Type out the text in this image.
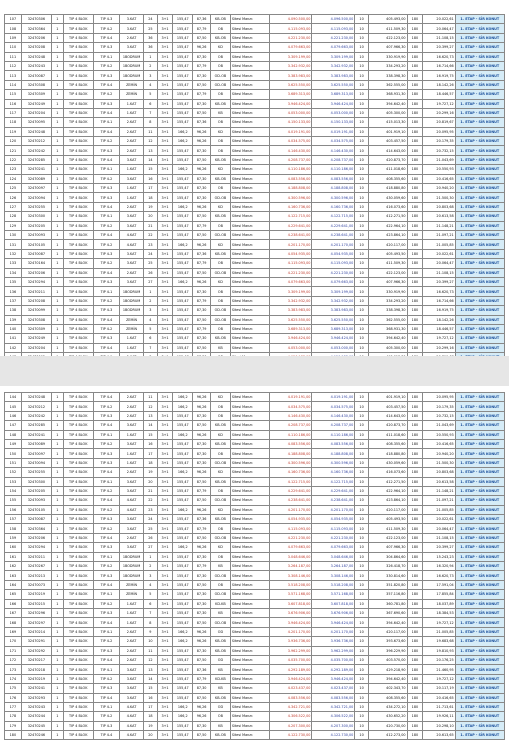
107	32470306	1	TIP 4 BLOK	TIP 4-3	3.KAT	24	3+1	155,47	87,36	KB-OB	Sitesi Manzr.	4.090.500,00	4.096.500,00	10	405.493,00	180	20.022,61	1. ETAP - SİR KONUT
108	32470364	1	TIP 4 BLOK	TIP 4-2	3.KAT	25	3+1	155,47	87,79	OB	Sitesi Manzr.	4.115.093,00	4.115.093,00	10	411.509,30	180	20.064,47	1. ETAP - SİR KONUT
109	32470206	1	TIP 4 BLOK	TIP 4-4	2.KAT	36	3+1	155,47	87,50	KB-OB	Sitesi Manzr.	4.221.230,00	4.221.230,00	10	422.123,00	180	21.108,15	1. ETAP - SİR KONUT
110	32470208	1	TIP 4 BLOK	TIP 4-3	3.KAT	36	3+1	155,47	96,26	KD	Sitesi Manzr.	4.079.663,00	4.079.663,00	10	407.966,30	180	20.399,27	1. ETAP - SİR KONUT
111	32470248	1	TIP 4 BLOK	TIP 4-1	1BODRUM	1	3+1	155,47	87,30	OB	Sitesi Manzr.	3.309.199,00	3.309.199,00	10	330.919,90	180	16.620,73	1. ETAP - SİR KONUT
112	32470243	1	TIP 4 BLOK	TIP 4-2	1BODRUM	2	3+1	155,47	87,79	OB	Sitesi Manzr.	3.342.932,00	3.342.932,00	10	334.293,20	180	16.714,66	1. ETAP - SİR KONUT
113	32470087	1	TIP 4 BLOK	TIP 4-3	1BODRUM	3	3+1	155,47	87,30	OD-OB	Sitesi Manzr.	3.383.983,00	3.383.983,00	10	338.398,30	180	16.919,75	1. ETAP - SİR KONUT
114	32470308	1	TIP 4 BLOK	TIP 4-4	ZEMİN	4	3+1	155,47	87,50	OD-OB	Sitesi Manzr.	3.625.550,00	3.625.550,00	10	362.555,00	180	18.142,26	1. ETAP - SİR KONUT
115	32470309	1	TIP 4 BLOK	TIP 4-2	ZEMİN	5	3+1	155,47	87,79	OB	Sitesi Manzr.	3.689.313,00	3.689.313,00	10	368.931,30	180	18.446,57	1. ETAP - SİR KONUT
116	32470249	1	TIP 4 BLOK	TIP 4-3	1.KAT	6	3+1	155,47	87,30	KB-OB	Sitesi Manzr.	3.946.424,00	3.946.424,00	10	394.642,40	180	19.727,12	1. ETAP - SİR KONUT
117	32470204	1	TIP 4 BLOK	TIP 4-4	1.KAT	7	3+1	155,47	87,50	KB	Sitesi Manzr.	4.053.000,00	4.053.000,00	10	405.300,00	180	20.299,16	1. ETAP - SİR KONUT
118	32470095	1	TIP 4 BLOK	TIP 4-1	2.KAT	8	3+1	155,47	87,36	OB	Sitesi Manzr.	4.150.133,00	4.150.133,00	10	415.013,30	180	20.819,67	1. ETAP - SİR KONUT
119	32470248	1	TIP 4 BLOK	TIP 4-4	2.KAT	11	3+1	166,2	96,26	KD	Sitesi Manzr.	4.019.191,00	4.019.191,00	10	401.919,10	180	20.095,95	1. ETAP - SİR KONUT
120	32470212	1	TIP 4 BLOK	TIP 4-2	2.KAT	12	3+1	166,2	96,26	OB	Sitesi Manzr.	4.034.575,00	4.034.575,00	10	403.457,50	180	20.179,35	1. ETAP - SİR KONUT
121	32470242	1	TIP 4 BLOK	TIP 4-3	2.KAT	13	3+1	155,47	87,30	OB	Sitesi Manzr.	4.146.430,00	4.146.430,00	10	414.643,00	180	20.732,15	1. ETAP - SİR KONUT
122	32470285	1	TIP 4 BLOK	TIP 4-4	3.KAT	14	3+1	155,47	87,50	KB-OB	Sitesi Manzr.	4.208.737,00	4.208.737,00	10	420.873,70	180	21.043,69	1. ETAP - SİR KONUT
123	32470241	1	TIP 4 BLOK	TIP 4-1	1.KAT	15	3+1	166,2	96,26	KD	Sitesi Manzr.	4.110.186,00	4.110.186,00	10	411.018,60	180	20.550,93	1. ETAP - SİR KONUT
124	32470089	1	TIP 4 BLOK	TIP 4-2	3.KAT	16	3+1	155,47	87,30	KB-OB	Sitesi Manzr.	4.083.556,00	4.083.556,00	10	408.355,60	180	20.416,65	1. ETAP - SİR KONUT
125	32470097	1	TIP 4 BLOK	TIP 4-3	1.KAT	17	3+1	155,47	87,30	OB	Sitesi Manzr.	4.188.808,00	4.188.808,00	10	418.880,80	180	20.940,20	1. ETAP - SİR KONUT
126	32470094	1	TIP 4 BLOK	TIP 4-3	1.KAT	18	3+1	155,47	87,30	OD-OB	Sitesi Manzr.	4.300.596,00	4.300.596,00	10	430.059,60	180	21.500,30	1. ETAP - SİR KONUT
127	32470255	1	TIP 4 BLOK	TIP 4-4	2.KAT	19	3+1	166,2	96,26	KD	Sitesi Manzr.	4.160.736,00	4.160.736,00	10	416.073,60	180	20.803,68	1. ETAP - SİR KONUT
128	32470300	1	TIP 4 BLOK	TIP 4-1	3.KAT	20	3+1	155,47	87,50	KB-OB	Sitesi Manzr.	4.122.715,00	4.122.715,00	10	412.271,50	180	20.613,58	1. ETAP - SİR KONUT
129	32470205	1	TIP 4 BLOK	TIP 4-2	3.KAT	21	3+1	155,47	87,79	OB	Sitesi Manzr.	4.229.641,00	4.229.641,00	10	422.964,10	180	21.148,21	1. ETAP - SİR KONUT
130	32470093	1	TIP 4 BLOK	TIP 4-4	4.KAT	22	3+1	155,47	87,50	OD-OB	Sitesi Manzr.	4.238.641,00	4.238.641,00	10	423.864,10	180	21.097,21	1. ETAP - SİR KONUT
131	32470105	1	TIP 4 BLOK	TIP 4-2	4.KAT	23	3+1	166,2	96,26	KD	Sitesi Manzr.	4.201.170,00	4.201.170,00	10	420.117,00	180	21.005,85	1. ETAP - SİR KONUT
132	32470087	1	TIP 4 BLOK	TIP 4-3	3.KAT	24	3+1	155,47	87,36	KB-OB	Sitesi Manzr.	4.054.935,00	4.054.935,00	10	405.493,50	180	20.022,61	1. ETAP - SİR KONUT
133	32470164	1	TIP 4 BLOK	TIP 4-2	3.KAT	25	3+1	155,47	87,79	OB	Sitesi Manzr.	4.115.093,00	4.115.093,00	10	411.509,30	180	20.064,47	1. ETAP - SİR KONUT
134	32470206	1	TIP 4 BLOK	TIP 4-4	2.KAT	26	3+1	155,47	87,50	OD-OB	Sitesi Manzr.	4.221.230,00	4.221.230,00	10	422.123,00	180	21.108,15	1. ETAP - SİR KONUT
135	32470294	1	TIP 4 BLOK	TIP 4-3	3.KAT	27	3+1	166,2	96,26	KD	Sitesi Manzr.	4.079.663,00	4.079.663,00	10	407.966,30	180	20.399,27	1. ETAP - SİR KONUT
136	32470211	1	TIP 4 BLOK	TIP 4-1	1BODRUM	1	3+1	155,47	87,30	OB	Sitesi Manzr.	3.309.199,00	3.309.199,00	10	330.919,90	180	16.620,73	1. ETAP - SİR KONUT
137	32470208	1	TIP 4 BLOK	TIP 4-2	1BODRUM	2	3+1	155,47	87,79	OB	Sitesi Manzr.	3.342.932,00	3.342.932,00	10	334.293,20	180	16.714,66	1. ETAP - SİR KONUT
138	32470099	1	TIP 4 BLOK	TIP 4-3	1BODRUM	3	3+1	155,47	87,30	OD-OB	Sitesi Manzr.	3.383.983,00	3.383.983,00	10	338.398,30	180	16.919,75	1. ETAP - SİR KONUT
139	32470308	1	TIP 4 BLOK	TIP 4-4	ZEMİN	4	3+1	155,47	87,50	OD-OB	Sitesi Manzr.	3.625.550,00	3.625.550,00	10	362.555,00	180	18.142,26	1. ETAP - SİR KONUT
140	32470309	1	TIP 4 BLOK	TIP 4-2	ZEMİN	5	3+1	155,47	87,79	OB	Sitesi Manzr.	3.689.313,00	3.689.313,00	10	368.931,30	180	18.446,57	1. ETAP - SİR KONUT
141	32470249	1	TIP 4 BLOK	TIP 4-3	1.KAT	6	3+1	155,47	87,30	KB-OB	Sitesi Manzr.	3.946.424,00	3.946.424,00	10	394.642,40	180	19.727,12	1. ETAP - SİR KONUT
142	32470204	1	TIP 4 BLOK	TIP 4-4	1.KAT	7	3+1	155,47	87,50	KB	Sitesi Manzr.	4.053.000,00	4.053.000,00	10	405.300,00	180	20.299,16	1. ETAP - SİR KONUT

144	32470248	1	TIP 4 BLOK	TIP 4-4	2.KAT	11	3+1	166,2	96,26	KD	Sitesi Manzr.	4.019.191,00	4.019.191,00	10	401.919,10	180	20.095,95	1. ETAP - SİR KONUT
145	32470212	1	TIP 4 BLOK	TIP 4-2	2.KAT	12	3+1	166,2	96,26	OB	Sitesi Manzr.	4.034.575,00	4.034.575,00	10	403.457,50	180	20.179,35	1. ETAP - SİR KONUT
146	32470242	1	TIP 4 BLOK	TIP 4-3	2.KAT	13	3+1	155,47	87,30	OB	Sitesi Manzr.	4.146.430,00	4.146.430,00	10	414.643,00	180	20.732,15	1. ETAP - SİR KONUT
147	32470285	1	TIP 4 BLOK	TIP 4-4	3.KAT	14	3+1	155,47	87,50	KB-OB	Sitesi Manzr.	4.208.737,00	4.208.737,00	10	420.873,70	180	21.043,69	1. ETAP - SİR KONUT
148	32470241	1	TIP 4 BLOK	TIP 4-1	1.KAT	15	3+1	166,2	96,26	KD	Sitesi Manzr.	4.110.186,00	4.110.186,00	10	411.018,60	180	20.550,93	1. ETAP - SİR KONUT
149	32470089	1	TIP 4 BLOK	TIP 4-2	3.KAT	16	3+1	155,47	87,30	KB-OB	Sitesi Manzr.	4.083.556,00	4.083.556,00	10	408.355,60	180	20.416,65	1. ETAP - SİR KONUT
150	32470097	1	TIP 4 BLOK	TIP 4-3	1.KAT	17	3+1	155,47	87,30	OB	Sitesi Manzr.	4.188.808,00	4.188.808,00	10	418.880,80	180	20.940,20	1. ETAP - SİR KONUT
151	32470094	1	TIP 4 BLOK	TIP 4-3	1.KAT	18	3+1	155,47	87,30	OD-OB	Sitesi Manzr.	4.300.596,00	4.300.596,00	10	430.059,60	180	21.500,30	1. ETAP - SİR KONUT
152	32470255	1	TIP 4 BLOK	TIP 4-4	2.KAT	19	3+1	166,2	96,26	KD	Sitesi Manzr.	4.160.736,00	4.160.736,00	10	416.073,60	180	20.803,68	1. ETAP - SİR KONUT
153	32470300	1	TIP 4 BLOK	TIP 4-1	3.KAT	20	3+1	155,47	87,50	KB-OB	Sitesi Manzr.	4.122.715,00	4.122.715,00	10	412.271,50	180	20.613,58	1. ETAP - SİR KONUT
154	32470205	1	TIP 4 BLOK	TIP 4-2	3.KAT	21	3+1	155,47	87,79	OB	Sitesi Manzr.	4.229.641,00	4.229.641,00	10	422.964,10	180	21.148,21	1. ETAP - SİR KONUT
155	32470093	1	TIP 4 BLOK	TIP 4-4	4.KAT	22	3+1	155,47	87,50	OD-OB	Sitesi Manzr.	4.238.641,00	4.238.641,00	10	423.864,10	180	21.097,21	1. ETAP - SİR KONUT
156	32470105	1	TIP 4 BLOK	TIP 4-2	4.KAT	23	3+1	166,2	96,26	KD	Sitesi Manzr.	4.201.170,00	4.201.170,00	10	420.117,00	180	21.005,85	1. ETAP - SİR KONUT
157	32470087	1	TIP 4 BLOK	TIP 4-3	3.KAT	24	3+1	155,47	87,36	KB-OB	Sitesi Manzr.	4.054.935,00	4.054.935,00	10	405.493,50	180	20.022,61	1. ETAP - SİR KONUT
158	32470364	1	TIP 4 BLOK	TIP 4-2	3.KAT	25	3+1	155,47	87,79	OB	Sitesi Manzr.	4.115.093,00	4.115.093,00	10	411.509,30	180	20.064,47	1. ETAP - SİR KONUT
159	32470206	1	TIP 4 BLOK	TIP 4-4	2.KAT	26	3+1	155,47	87,50	OD-OB	Sitesi Manzr.	4.221.230,00	4.221.230,00	10	422.123,00	180	21.108,15	1. ETAP - SİR KONUT
160	32470294	1	TIP 4 BLOK	TIP 4-3	3.KAT	27	3+1	166,2	96,26	KD	Sitesi Manzr.	4.079.663,00	4.079.663,00	10	407.966,30	180	20.399,27	1. ETAP - SİR KONUT
161	32470211	1	TIP 4 BLOK	TIP 4-1	1BODRUM	1	3+1	155,47	87,30	OB	Sitesi Manzr.	3.048.646,00	3.048.646,00	10	304.864,60	180	15.243,23	1. ETAP - SİR KONUT
162	32470267	1	TIP 4 BLOK	TIP 4-2	1BODRUM	2	3+1	155,47	87,79	KB	Sitesi Manzr.	3.264.187,00	3.264.187,00	10	326.418,70	180	16.320,94	1. ETAP - SİR KONUT
163	32470213	1	TIP 4 BLOK	TIP 4-3	1BODRUM	3	3+1	155,47	87,30	OD-OB	Sitesi Manzr.	3.308.146,00	3.308.146,00	10	330.814,60	180	16.620,73	1. ETAP - SİR KONUT
164	32470073	1	TIP 4 BLOK	TIP 4-4	ZEMİN	4	3+1	155,47	87,50	OB	Sitesi Manzr.	3.518.208,00	3.518.208,00	10	351.820,80	180	17.591,04	1. ETAP - SİR KONUT
165	32470219	1	TIP 4 BLOK	TIP 4-1	ZEMİN	5	3+1	155,47	87,30	OD-OB	Sitesi Manzr.	3.571.168,00	3.571.168,00	10	357.116,80	180	17.855,84	1. ETAP - SİR KONUT
166	32470215	1	TIP 4 BLOK	TIP 4-2	1.KAT	6	3+1	155,47	87,30	KD-KB	Sitesi Manzr.	3.607.818,00	3.607.818,00	10	360.781,80	180	18.037,89	1. ETAP - SİR KONUT
167	32470296	1	TIP 4 BLOK	TIP 4-3	1.KAT	7	3+1	155,47	87,30	KB	Sitesi Manzr.	3.676.906,00	3.676.906,00	10	367.690,60	180	18.384,53	1. ETAP - SİR KONUT
168	32470297	1	TIP 4 BLOK	TIP 4-4	1.KAT	8	3+1	155,47	87,50	OD-OB	Sitesi Manzr.	3.946.424,00	3.946.424,00	10	394.642,40	180	19.727,12	1. ETAP - SİR KONUT
169	32470214	1	TIP 4 BLOK	TIP 4-1	2.KAT	9	3+1	166,2	96,26	OD	Sitesi Manzr.	4.201.170,00	4.201.170,00	10	420.117,00	180	21.005,85	1. ETAP - SİR KONUT
170	32470291	1	TIP 4 BLOK	TIP 4-2	2.KAT	10	3+1	166,2	96,26	KB-OB	Sitesi Manzr.	3.936.736,00	3.936.736,00	10	393.673,60	180	19.683,68	1. ETAP - SİR KONUT
171	32470292	1	TIP 4 BLOK	TIP 4-3	2.KAT	11	3+1	155,47	87,30	KB-OB	Sitesi Manzr.	3.962.299,00	3.962.299,00	10	396.229,90	180	19.810,93	1. ETAP - SİR KONUT
172	32470217	1	TIP 4 BLOK	TIP 4-4	2.KAT	12	3+1	155,47	87,50	OD	Sitesi Manzr.	4.035.700,00	4.035.700,00	10	403.570,00	180	20.176,25	1. ETAP - SİR KONUT
173	32470218	1	TIP 4 BLOK	TIP 4-1	3.KAT	13	3+1	155,47	87,36	KB	Sitesi Manzr.	4.292.189,00	4.292.189,00	10	429.218,90	180	21.460,95	1. ETAP - SİR KONUT
174	32470219	1	TIP 4 BLOK	TIP 4-2	3.KAT	14	3+1	155,47	87,79	KD-KB	Sitesi Manzr.	3.946.424,00	3.946.424,00	10	394.642,40	180	19.727,12	1. ETAP - SİR KONUT
175	32470241	1	TIP 4 BLOK	TIP 4-3	3.KAT	15	3+1	155,47	87,30	KB	Sitesi Manzr.	4.023.437,00	4.023.437,00	10	402.343,70	180	20.117,19	1. ETAP - SİR KONUT
176	32470293	1	TIP 4 BLOK	TIP 4-4	3.KAT	16	3+1	155,47	87,50	KB-OB	Sitesi Manzr.	4.083.556,00	4.083.556,00	10	408.355,60	180	20.416,65	1. ETAP - SİR KONUT
177	32470243	1	TIP 4 BLOK	TIP 4-1	4.KAT	17	3+1	166,2	96,26	OD	Sitesi Manzr.	4.342.721,00	4.342.721,00	10	434.272,10	180	21.713,61	1. ETAP - SİR KONUT
178	32470244	1	TIP 4 BLOK	TIP 4-2	4.KAT	18	3+1	166,2	96,26	OB	Sitesi Manzr.	4.306.522,00	4.306.522,00	10	430.652,20	180	19.926,11	1. ETAP - SİR KONUT
179	32470245	1	TIP 4 BLOK	TIP 4-3	4.KAT	19	3+1	155,47	87,30	KB	Sitesi Manzr.	4.207.300,00	4.207.300,00	10	420.730,00	180	20.298,10	1. ETAP - SİR KONUT
180	32470246	1	TIP 4 BLOK	TIP 4-4	4.KAT	20	3+1	155,47	87,50	KB-OB	Sitesi Manzr.	4.122.730,00	4.122.730,00	10	412.273,00	180	20.613,65	1. ETAP - SİR KONUT
